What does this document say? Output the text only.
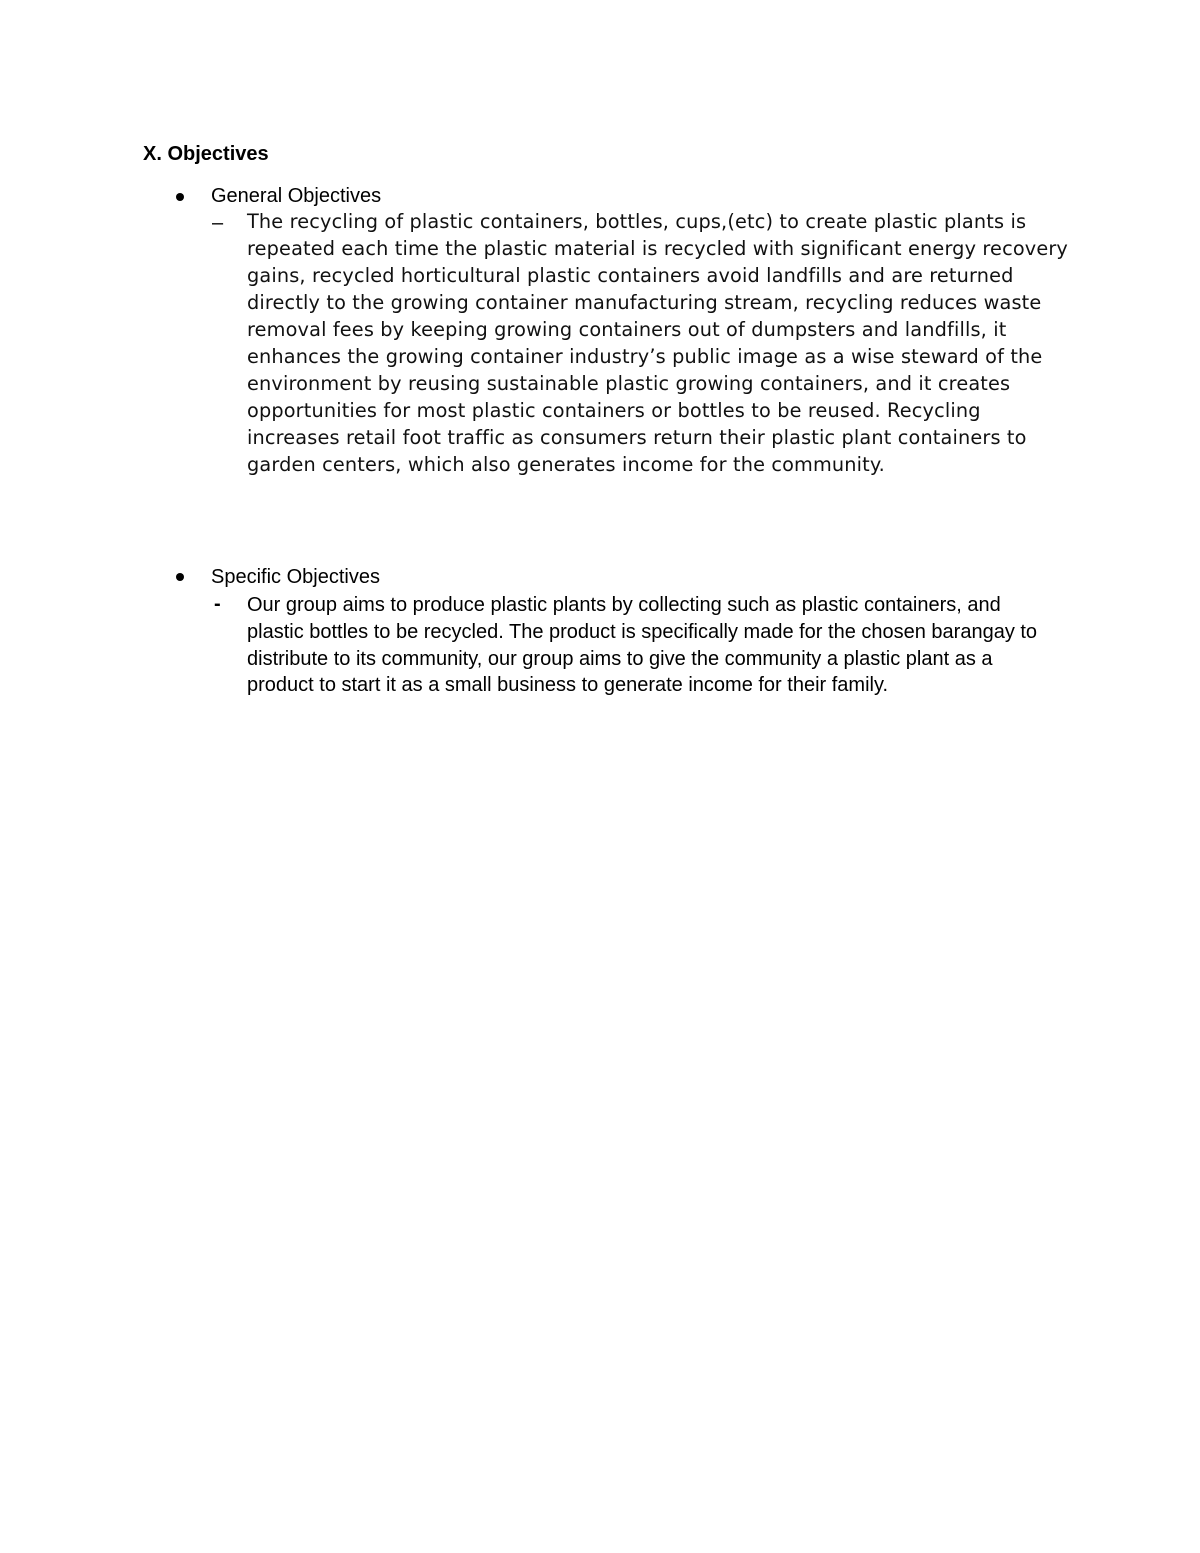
X. Objectives

General Objectives

– The recycling of plastic containers, bottles, cups,(etc) to create plastic plants is repeated each time the plastic material is recycled with significant energy recovery gains, recycled horticultural plastic containers avoid landfills and are returned directly to the growing container manufacturing stream, recycling reduces waste removal fees by keeping growing containers out of dumpsters and landfills, it enhances the growing container industry’s public image as a wise steward of the environment by reusing sustainable plastic growing containers, and it creates opportunities for most plastic containers or bottles to be reused. Recycling increases retail foot traffic as consumers return their plastic plant containers to garden centers, which also generates income for the community.

Specific Objectives

- Our group aims to produce plastic plants by collecting such as plastic containers, and plastic bottles to be recycled. The product is specifically made for the chosen barangay to distribute to its community, our group aims to give the community a plastic plant as a product to start it as a small business to generate income for their family.
